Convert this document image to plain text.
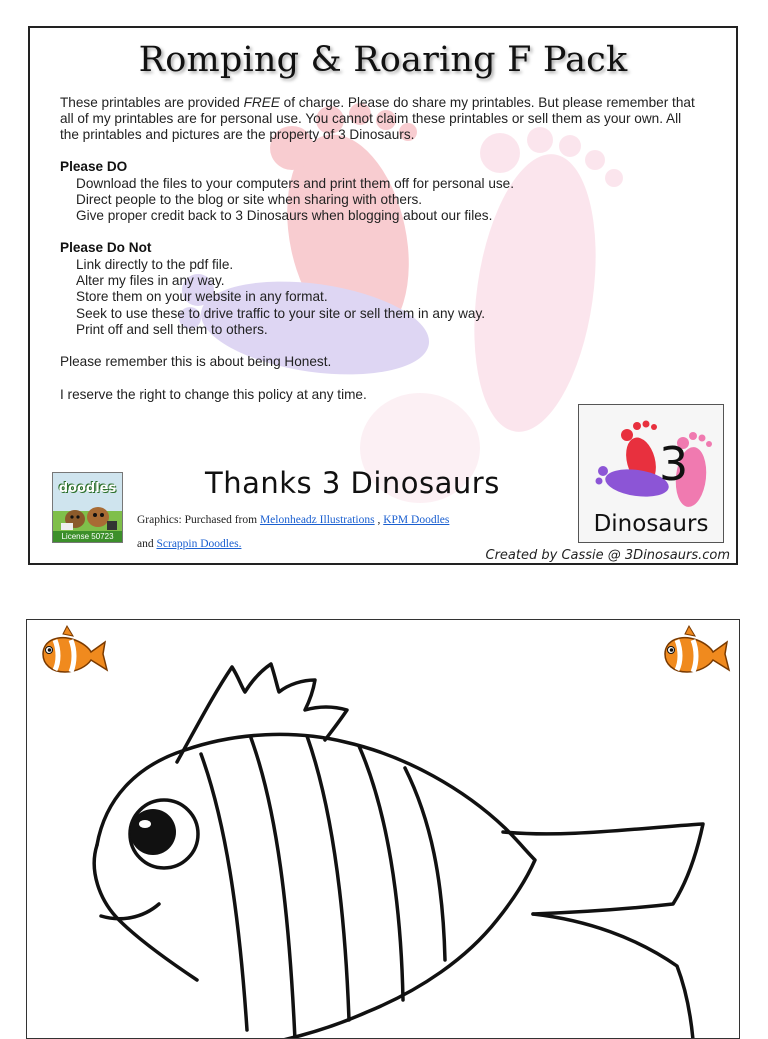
Romping & Roaring F Pack
These printables are provided FREE of charge. Please do share my printables. But please remember that all of my printables are for personal use. You cannot claim these printables or sell them as your own. All the printables and pictures are the property of 3 Dinosaurs.
Please DO
Download the files to your computers and print them off for personal use.
Direct people to the blog or site when sharing with others.
Give proper credit back to 3 Dinosaurs when blogging about our files.
Please Do Not
Link directly to the pdf file.
Alter my files in any way.
Store them on your website in any format.
Seek to use these to drive traffic to your site or sell them in any way.
Print off and sell them to others.
Please remember this is about being Honest.
I reserve the right to change this policy at any time.
doodles
License 50723
Thanks 3 Dinosaurs
Graphics: Purchased from Melonheadz Illustrations , KPM Doodles
and Scrappin Doodles.
3
Dinosaurs
Created by Cassie @ 3Dinosaurs.com
